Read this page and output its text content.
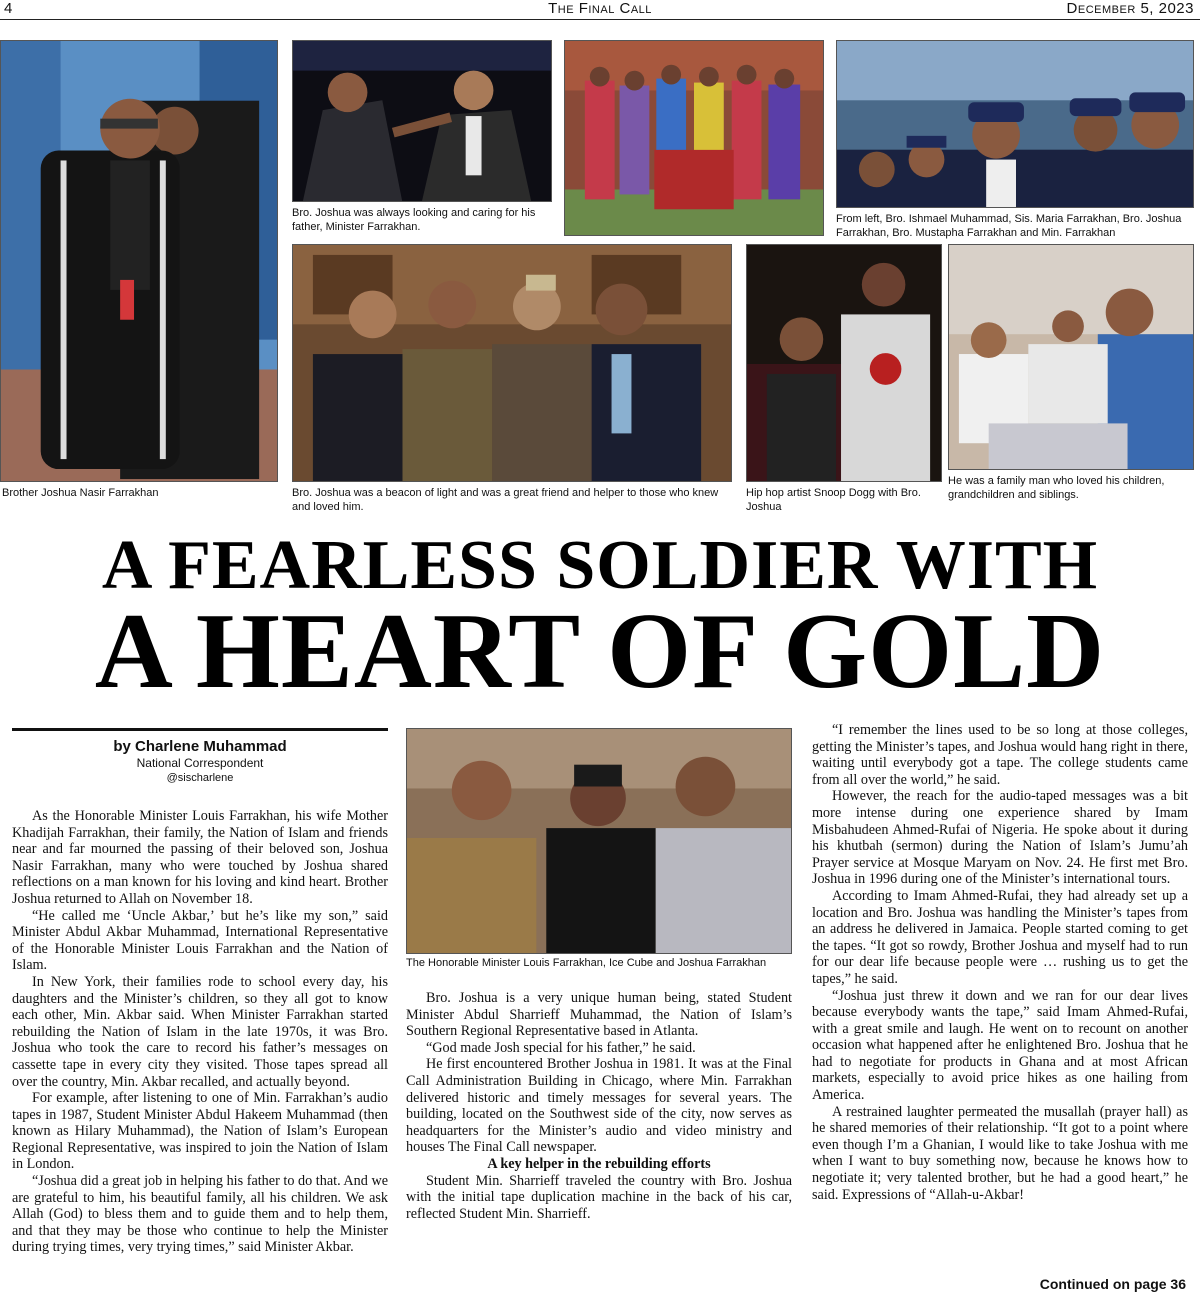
4	The Final Call	December 5, 2023
Brother Joshua Nasir Farrakhan
Bro. Joshua was always looking and caring for his father, Minister Farrakhan.
From left, Bro. Ishmael Muhammad, Sis. Maria Farrakhan, Bro. Joshua Farrakhan, Bro. Mustapha Farrakhan and Min. Farrakhan
Bro. Joshua was a beacon of light and was a great friend and helper to those who knew and loved him.
Hip hop artist Snoop Dogg with Bro. Joshua
He was a family man who loved his children, grandchildren and siblings.
A FEARLESS SOLDIER WITH
A HEART OF GOLD
by Charlene Muhammad
National Correspondent
@sischarlene
The Honorable Minister Louis Farrakhan, Ice Cube and Joshua Farrakhan

As the Honorable Minister Louis Farrakhan, his wife Mother Khadijah Farrakhan, their family, the Nation of Islam and friends near and far mourned the passing of their beloved son, Joshua Nasir Farrakhan, many who were touched by Joshua shared reflections on a man known for his loving and kind heart. Brother Joshua returned to Allah on November 18.

“He called me ‘Uncle Akbar,’ but he’s like my son,” said Minister Abdul Akbar Muhammad, International Representative of the Honorable Minister Louis Farrakhan and the Nation of Islam.

In New York, their families rode to school every day, his daughters and the Minister’s children, so they all got to know each other, Min. Akbar said. When Minister Farrakhan started rebuilding the Nation of Islam in the late 1970s, it was Bro. Joshua who took the care to record his father’s messages on cassette tape in every city they visited. Those tapes spread all over the country, Min. Akbar recalled, and actually beyond.

For example, after listening to one of Min. Farrakhan’s audio tapes in 1987, Student Minister Abdul Hakeem Muhammad (then known as Hilary Muhammad), the Nation of Islam’s European Regional Representative, was inspired to join the Nation of Islam in London.

“Joshua did a great job in helping his father to do that. And we are grateful to him, his beautiful family, all his children. We ask Allah (God) to bless them and to guide them and to help them, and that they may be those who continue to help the Minister during trying times, very trying times,” said Minister Akbar.

Bro. Joshua is a very unique human being, stated Student Minister Abdul Sharrieff Muhammad, the Nation of Islam’s Southern Regional Representative based in Atlanta.

“God made Josh special for his father,” he said.

He first encountered Brother Joshua in 1981. It was at the Final Call Administration Building in Chicago, where Min. Farrakhan delivered historic and timely messages for several years. The building, located on the Southwest side of the city, now serves as headquarters for the Minister’s audio and video ministry and houses The Final Call newspaper.

A key helper in the rebuilding efforts

Student Min. Sharrieff traveled the country with Bro. Joshua with the initial tape duplication machine in the back of his car, reflected Student Min. Sharrieff.

“I remember the lines used to be so long at those colleges, getting the Minister’s tapes, and Joshua would hang right in there, waiting until everybody got a tape. The college students came from all over the world,” he said.

However, the reach for the audio-taped messages was a bit more intense during one experience shared by Imam Misbahudeen Ahmed-Rufai of Nigeria. He spoke about it during his khutbah (sermon) during the Nation of Islam’s Jumu’ah Prayer service at Mosque Maryam on Nov. 24. He first met Bro. Joshua in 1996 during one of the Minister’s international tours.

According to Imam Ahmed-Rufai, they had already set up a location and Bro. Joshua was handling the Minister’s tapes from an address he delivered in Jamaica. People started coming to get the tapes. “It got so rowdy, Brother Joshua and myself had to run for our dear life because people were … rushing us to get the tapes,” he said.

“Joshua just threw it down and we ran for our dear lives because everybody wants the tape,” said Imam Ahmed-Rufai, with a great smile and laugh. He went on to recount on another occasion what happened after he enlightened Bro. Joshua that he had to negotiate for products in Ghana and at most African markets, especially to avoid price hikes as one hailing from America.

A restrained laughter permeated the musallah (prayer hall) as he shared memories of their relationship. “It got to a point where even though I’m a Ghanian, I would like to take Joshua with me when I want to buy something now, because he knows how to negotiate it; very talented brother, but he had a good heart,” he said. Expressions of “Allah-u-Akbar!

Continued on page 36
